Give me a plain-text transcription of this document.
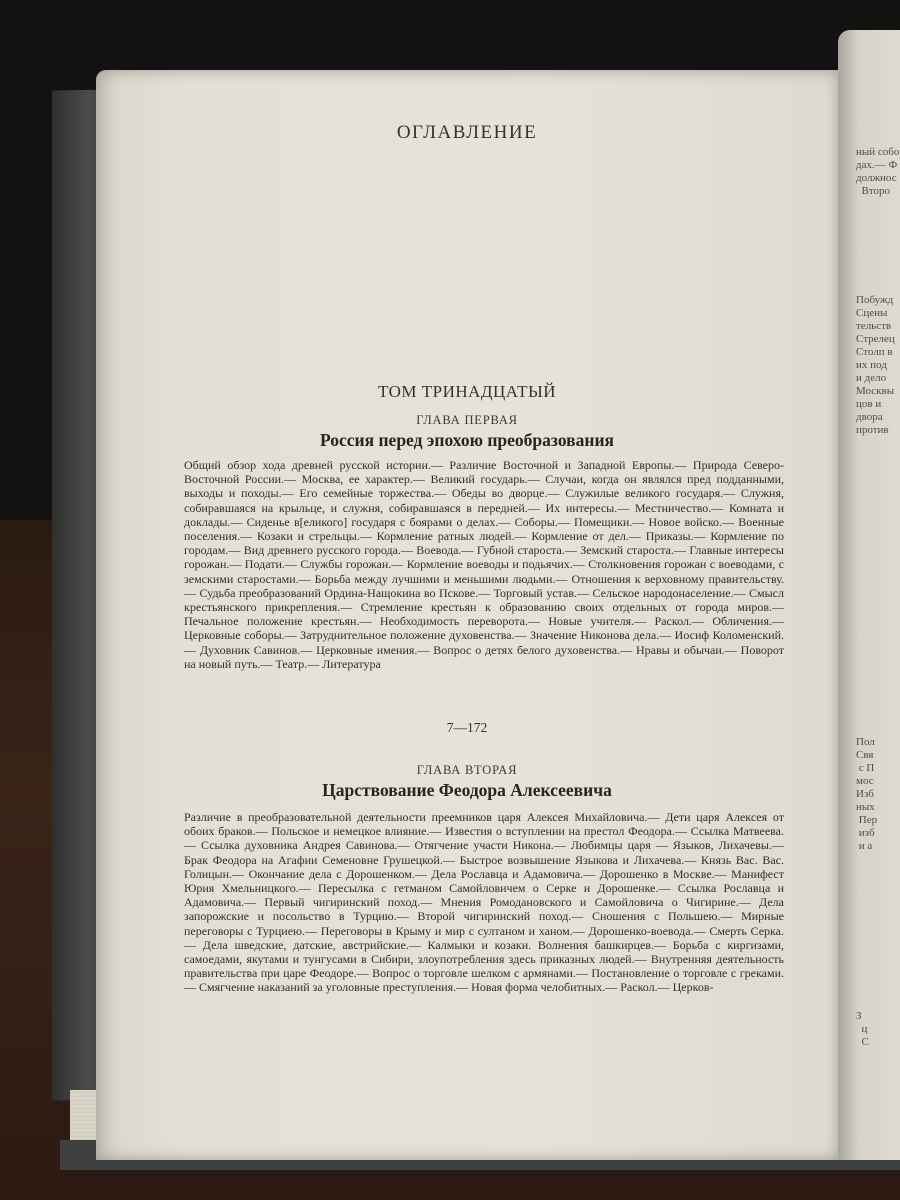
ный собо
дах.— Ф
должнос
Второ
Побужд
Сцены
тельств
Стрелец
Столп в
их под
и дело
Москвы
цов и
двора
против
Пол
Свя
с П
мос
Изб
ных
Пер
изб
и а
З
ц
С
ОГЛАВЛЕНИЕ
ТОМ ТРИНАДЦАТЫЙ
ГЛАВА ПЕРВАЯ
Россия перед эпохою преобразования
Общий обзор хода древней русской истории.— Различие Восточной и Западной Европы.— Природа Северо-Восточной России.— Москва, ее характер.— Великий государь.— Случаи, когда он являлся пред подданными, выходы и походы.— Его семейные торжества.— Обеды во дворце.— Служилые великого государя.— Служня, собиравшаяся на крыльце, и служня, собиравшаяся в передней.— Их интересы.— Местничество.— Комната и доклады.— Сиденье в[еликого] государя с боярами о делах.— Соборы.— Помещики.— Новое войско.— Военные поселения.— Козаки и стрельцы.— Кормление ратных людей.— Кормление от дел.— Приказы.— Кормление по городам.— Вид древнего русского города.— Воевода.— Губной староста.— Земский староста.— Главные интересы горожан.— Подати.— Службы горожан.— Кормление воеводы и подьячих.— Столкновения горожан с воеводами, с земскими старостами.— Борьба между лучшими и меньшими людьми.— Отношения к верховному правительству.— Судьба преобразований Ордина-Нащокина во Пскове.— Торговый устав.— Сельское народонаселение.— Смысл крестьянского прикрепления.— Стремление крестьян к образованию своих отдельных от города миров.— Печальное положение крестьян.— Необходимость переворота.— Новые учителя.— Раскол.— Обличения.— Церковные соборы.— Затруднительное положение духовенства.— Значение Никонова дела.— Иосиф Коломенский.— Духовник Савинов.— Церковные имения.— Вопрос о детях белого духовенства.— Нравы и обычаи.— Поворот на новый путь.— Театр.— Литература
7—172
ГЛАВА ВТОРАЯ
Царствование Феодора Алексеевича
Различие в преобразовательной деятельности преемников царя Алексея Михайловича.— Дети царя Алексея от обоих браков.— Польское и немецкое влияние.— Известия о вступлении на престол Феодора.— Ссылка Матвеева.— Ссылка духовника Андрея Савинова.— Отягчение участи Никона.— Любимцы царя — Языков, Лихачевы.— Брак Феодора на Агафии Семеновне Грушецкой.— Быстрое возвышение Языкова и Лихачева.— Князь Вас. Вас. Голицын.— Окончание дела с Дорошенком.— Дела Рославца и Адамовича.— Дорошенко в Москве.— Манифест Юрия Хмельницкого.— Пересылка с гетманом Самойловичем о Серке и Дорошенке.— Ссылка Рославца и Адамовича.— Первый чигиринский поход.— Мнения Ромодановского и Самойловича о Чигирине.— Дела запорожские и посольство в Турцию.— Второй чигиринский поход.— Сношения с Польшею.— Мирные переговоры с Турциею.— Переговоры в Крыму и мир с султаном и ханом.— Дорошенко-воевода.— Смерть Серка.— Дела шведские, датские, австрийские.— Калмыки и козаки. Волнения башкирцев.— Борьба с киргизами, самоедами, якутами и тунгусами в Сибири, злоупотребления здесь приказных людей.— Внутренняя деятельность правительства при царе Феодоре.— Вопрос о торговле шелком с армянами.— Постановление о торговле с греками.— Смягчение наказаний за уголовные преступления.— Новая форма челобитных.— Раскол.— Церков-
